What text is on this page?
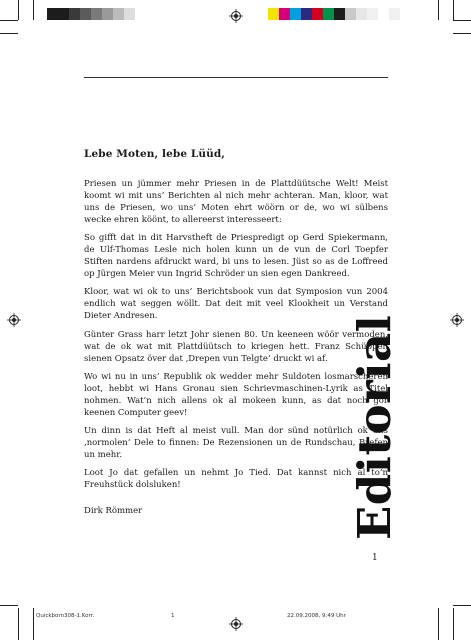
Lebe Moten, lebe Lüüd,

Priesen un jümmer mehr Priesen in de Plattdüütsche Welt! Meist koomt wi mit uns’ Berichten al nich mehr achteran. Man, kloor, wat uns de Priesen, wo uns’ Moten ehrt wöörn or de, wo wi sülbens wecke ehren köönt, to allereerst interesseert:

So gifft dat in dit Harvstheft de Priespredigt op Gerd Spiekermann, de Ulf-Thomas Lesle nich holen kunn un de vun de Corl Toepfer Stiften nardens afdruckt ward, bi uns to lesen. Jüst so as de Loffreed op Jürgen Meier vun Ingrid Schröder un sien egen Dankreed.

Kloor, wat wi ok to uns’ Berichtsbook vun dat Symposion vun 2004 endlich wat seggen wöllt. Dat deit mit veel Klookheit un Verstand Dieter Andresen.

Günter Grass harr letzt Johr sienen 80. Un keeneen wöör vermoden, wat de ok wat mit Plattdüütsch to kriegen hett. Franz Schüppen sienen Opsatz över dat ‚Drepen vun Telgte‘ druckt wi af.

Wo wi nu in uns’ Republik ok wedder mehr Suldoten losmarscheren loot, hebbt wi Hans Gronau sien Schrievmaschinen-Lyrik as Titel nohmen. Wat’n nich allens ok al mokeen kunn, as dat noch gor keenen Computer geev!

Un dinn is dat Heft al meist vull. Man dor sünd notürlich ok uns ‚normolen‘ Dele to finnen: De Rezensionen un de Rundschau, Brefen un mehr.

Loot Jo dat gefallen un nehmt Jo Tied. Dat kannst nich al to’n Freuhstück dolsluken!

Dirk Römmer	Editorial
1
Quickborn308-1.Korr.	1	22.09.2008, 9:49 Uhr
